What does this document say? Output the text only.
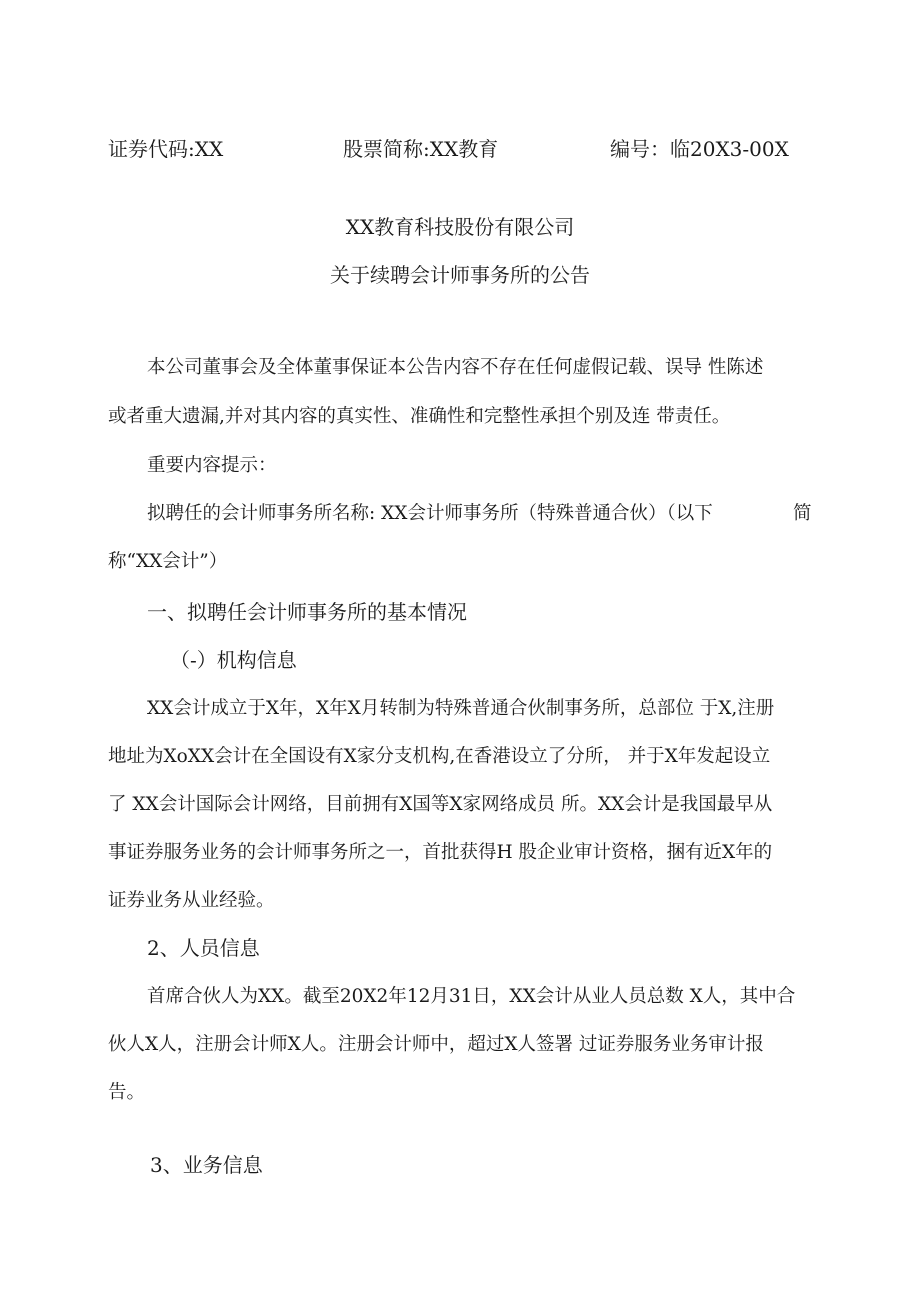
证券代码:XX	股票简称:XX教育	编号：临20X3-00X
XX教育科技股份有限公司
关于续聘会计师事务所的公告
本公司董事会及全体董事保证本公告内容不存在任何虚假记载、误导 性陈述
或者重大遗漏,并对其内容的真实性、准确性和完整性承担个别及连 带责任。
重要内容提示：
拟聘任的会计师事务所名称: XX会计师事务所（特殊普通合伙）（以下	简
称“XX会计”）
一、拟聘任会计师事务所的基本情况
（-）机构信息
XX会计成立于X年，X年X月转制为特殊普通合伙制事务所，总部位 于X,注册
地址为XoXX会计在全国设有X家分支机构,在香港设立了分所， 并于X年发起设立
了 XX会计国际会计网络，目前拥有X国等X家网络成员 所。XX会计是我国最早从
事证券服务业务的会计师事务所之一，首批获得H 股企业审计资格，捆有近X年的
证券业务从业经验。
2、人员信息
首席合伙人为XX。截至20X2年12月31日，XX会计从业人员总数 X人，其中合
伙人X人，注册会计师X人。注册会计师中，超过X人签署 过证券服务业务审计报
告。
3、业务信息
